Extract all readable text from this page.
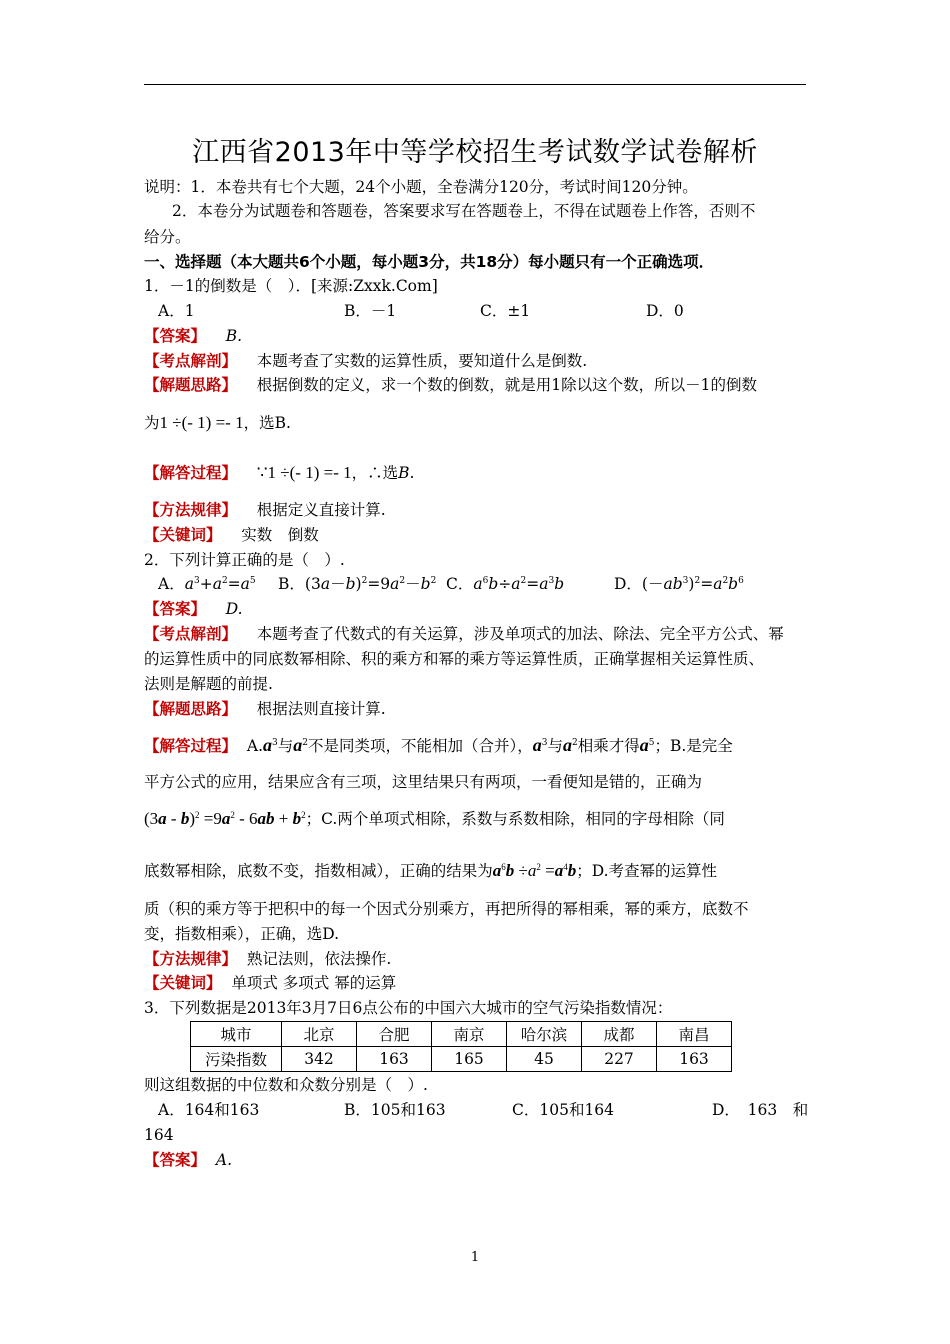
江西省2013年中等学校招生考试数学试卷解析
说明：1．本卷共有七个大题，24个小题，全卷满分120分，考试时间120分钟。
2．本卷分为试题卷和答题卷，答案要求写在答题卷上，不得在试题卷上作答，否则不
给分。
一、选择题（本大题共6个小题，每小题3分，共18分）每小题只有一个正确选项．
1．－1的倒数是（　）．[来源:Zxxk.Com]
A．1	B．－1	C．±1	D．0
【答案】 B.
【考点解剖】 本题考查了实数的运算性质，要知道什么是倒数.
【解题思路】 根据倒数的定义，求一个数的倒数，就是用1除以这个数，所以－1的倒数
为1 ÷(- 1) =- 1，选B.
【解答过程】 ∵1 ÷(- 1) =- 1，∴选B.
【方法规律】 根据定义直接计算.
【关键词】 实数　倒数
2．下列计算正确的是（　）.
A．$a^3+a^2=a^5$ B．$(3a-b)^2=9a^2-b^2$ C．$a^6b\div a^2=a^3b$	D．$(-ab^3)^2=a^2b^6$
【答案】 D.
【考点解剖】 本题考查了代数式的有关运算，涉及单项式的加法、除法、完全平方公式、幂
的运算性质中的同底数幂相除、积的乘方和幂的乘方等运算性质，正确掌握相关运算性质、
法则是解题的前提.
【解题思路】 根据法则直接计算.
【解答过程】 $A.a^3$与$a^2$不是同类项，不能相加（合并），$a^3$与$a^2$相乘才得$a^5$；B.是完全
平方公式的应用，结果应含有三项，这里结果只有两项，一看便知是错的，正确为
$(3a - b)^2 =9a^2 - 6ab + b^2$；C.两个单项式相除，系数与系数相除，相同的字母相除（同
底数幂相除，底数不变，指数相减），正确的结果为$a^6b \div a^2 =a^4b$；D.考查幂的运算性
质（积的乘方等于把积中的每一个因式分别乘方，再把所得的幂相乘，幂的乘方，底数不
变，指数相乘），正确，选D.
【方法规律】 熟记法则，依法操作.
【关键词】 单项式 多项式 幂的运算
3．下列数据是2013年3月7日6点公布的中国六大城市的空气污染指数情况：
城市	北京	合肥	南京	哈尔滨	成都	南昌
污染指数	342	163	165	45	227	163
则这组数据的中位数和众数分别是（　）.
A．164和163	B．105和163	C．105和164	D．　163　和
164
【答案】 A.
1
